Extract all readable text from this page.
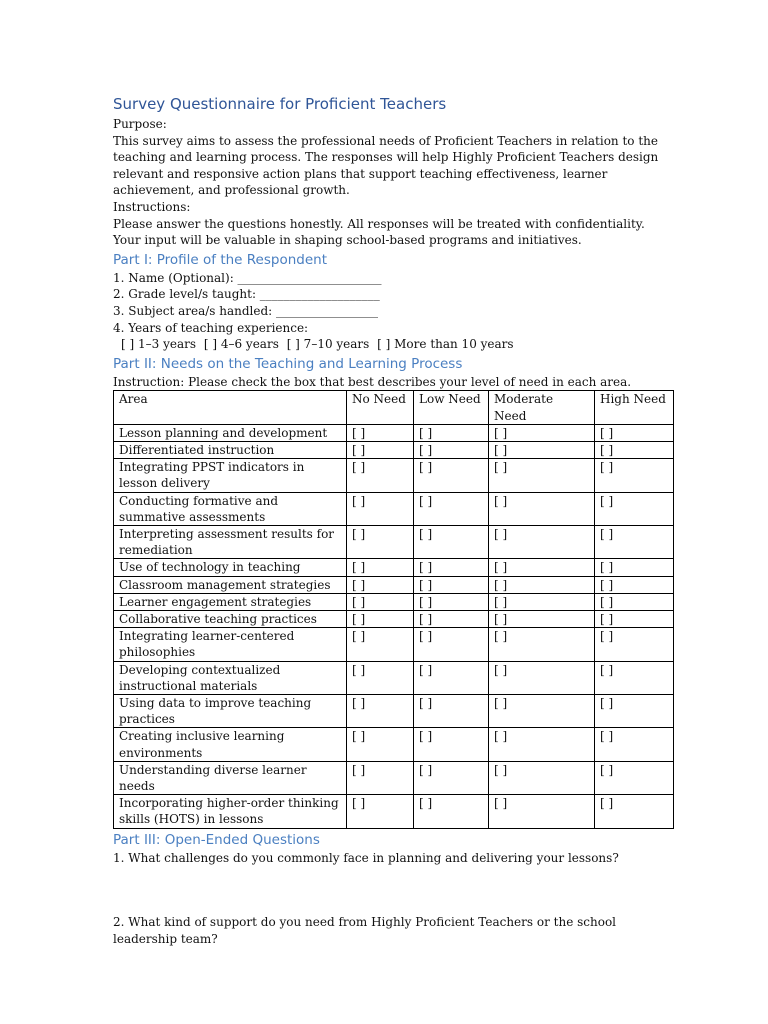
Survey Questionnaire for Proficient Teachers

Purpose:

This survey aims to assess the professional needs of Proficient Teachers in relation to the teaching and learning process. The responses will help Highly Proficient Teachers design relevant and responsive action plans that support teaching effectiveness, learner achievement, and professional growth.

Instructions:

Please answer the questions honestly. All responses will be treated with confidentiality. Your input will be valuable in shaping school-based programs and initiatives.

Part I: Profile of the Respondent

1. Name (Optional): ________________________

2. Grade level/s taught: ____________________

3. Subject area/s handled: _________________

4. Years of teaching experience:

[ ] 1–3 years [ ] 4–6 years [ ] 7–10 years [ ] More than 10 years

Part II: Needs on the Teaching and Learning Process

Instruction: Please check the box that best describes your level of need in each area.

Area	No Need	Low Need	Moderate Need	High Need
Lesson planning and development	[ ]	[ ]	[ ]	[ ]
Differentiated instruction	[ ]	[ ]	[ ]	[ ]
Integrating PPST indicators in lesson delivery	[ ]	[ ]	[ ]	[ ]
Conducting formative and summative assessments	[ ]	[ ]	[ ]	[ ]
Interpreting assessment results for remediation	[ ]	[ ]	[ ]	[ ]
Use of technology in teaching	[ ]	[ ]	[ ]	[ ]
Classroom management strategies	[ ]	[ ]	[ ]	[ ]
Learner engagement strategies	[ ]	[ ]	[ ]	[ ]
Collaborative teaching practices	[ ]	[ ]	[ ]	[ ]
Integrating learner-centered philosophies	[ ]	[ ]	[ ]	[ ]
Developing contextualized instructional materials	[ ]	[ ]	[ ]	[ ]
Using data to improve teaching practices	[ ]	[ ]	[ ]	[ ]
Creating inclusive learning environments	[ ]	[ ]	[ ]	[ ]
Understanding diverse learner needs	[ ]	[ ]	[ ]	[ ]
Incorporating higher-order thinking skills (HOTS) in lessons	[ ]	[ ]	[ ]	[ ]
Part III: Open-Ended Questions

1. What challenges do you commonly face in planning and delivering your lessons?

2. What kind of support do you need from Highly Proficient Teachers or the school leadership team?
